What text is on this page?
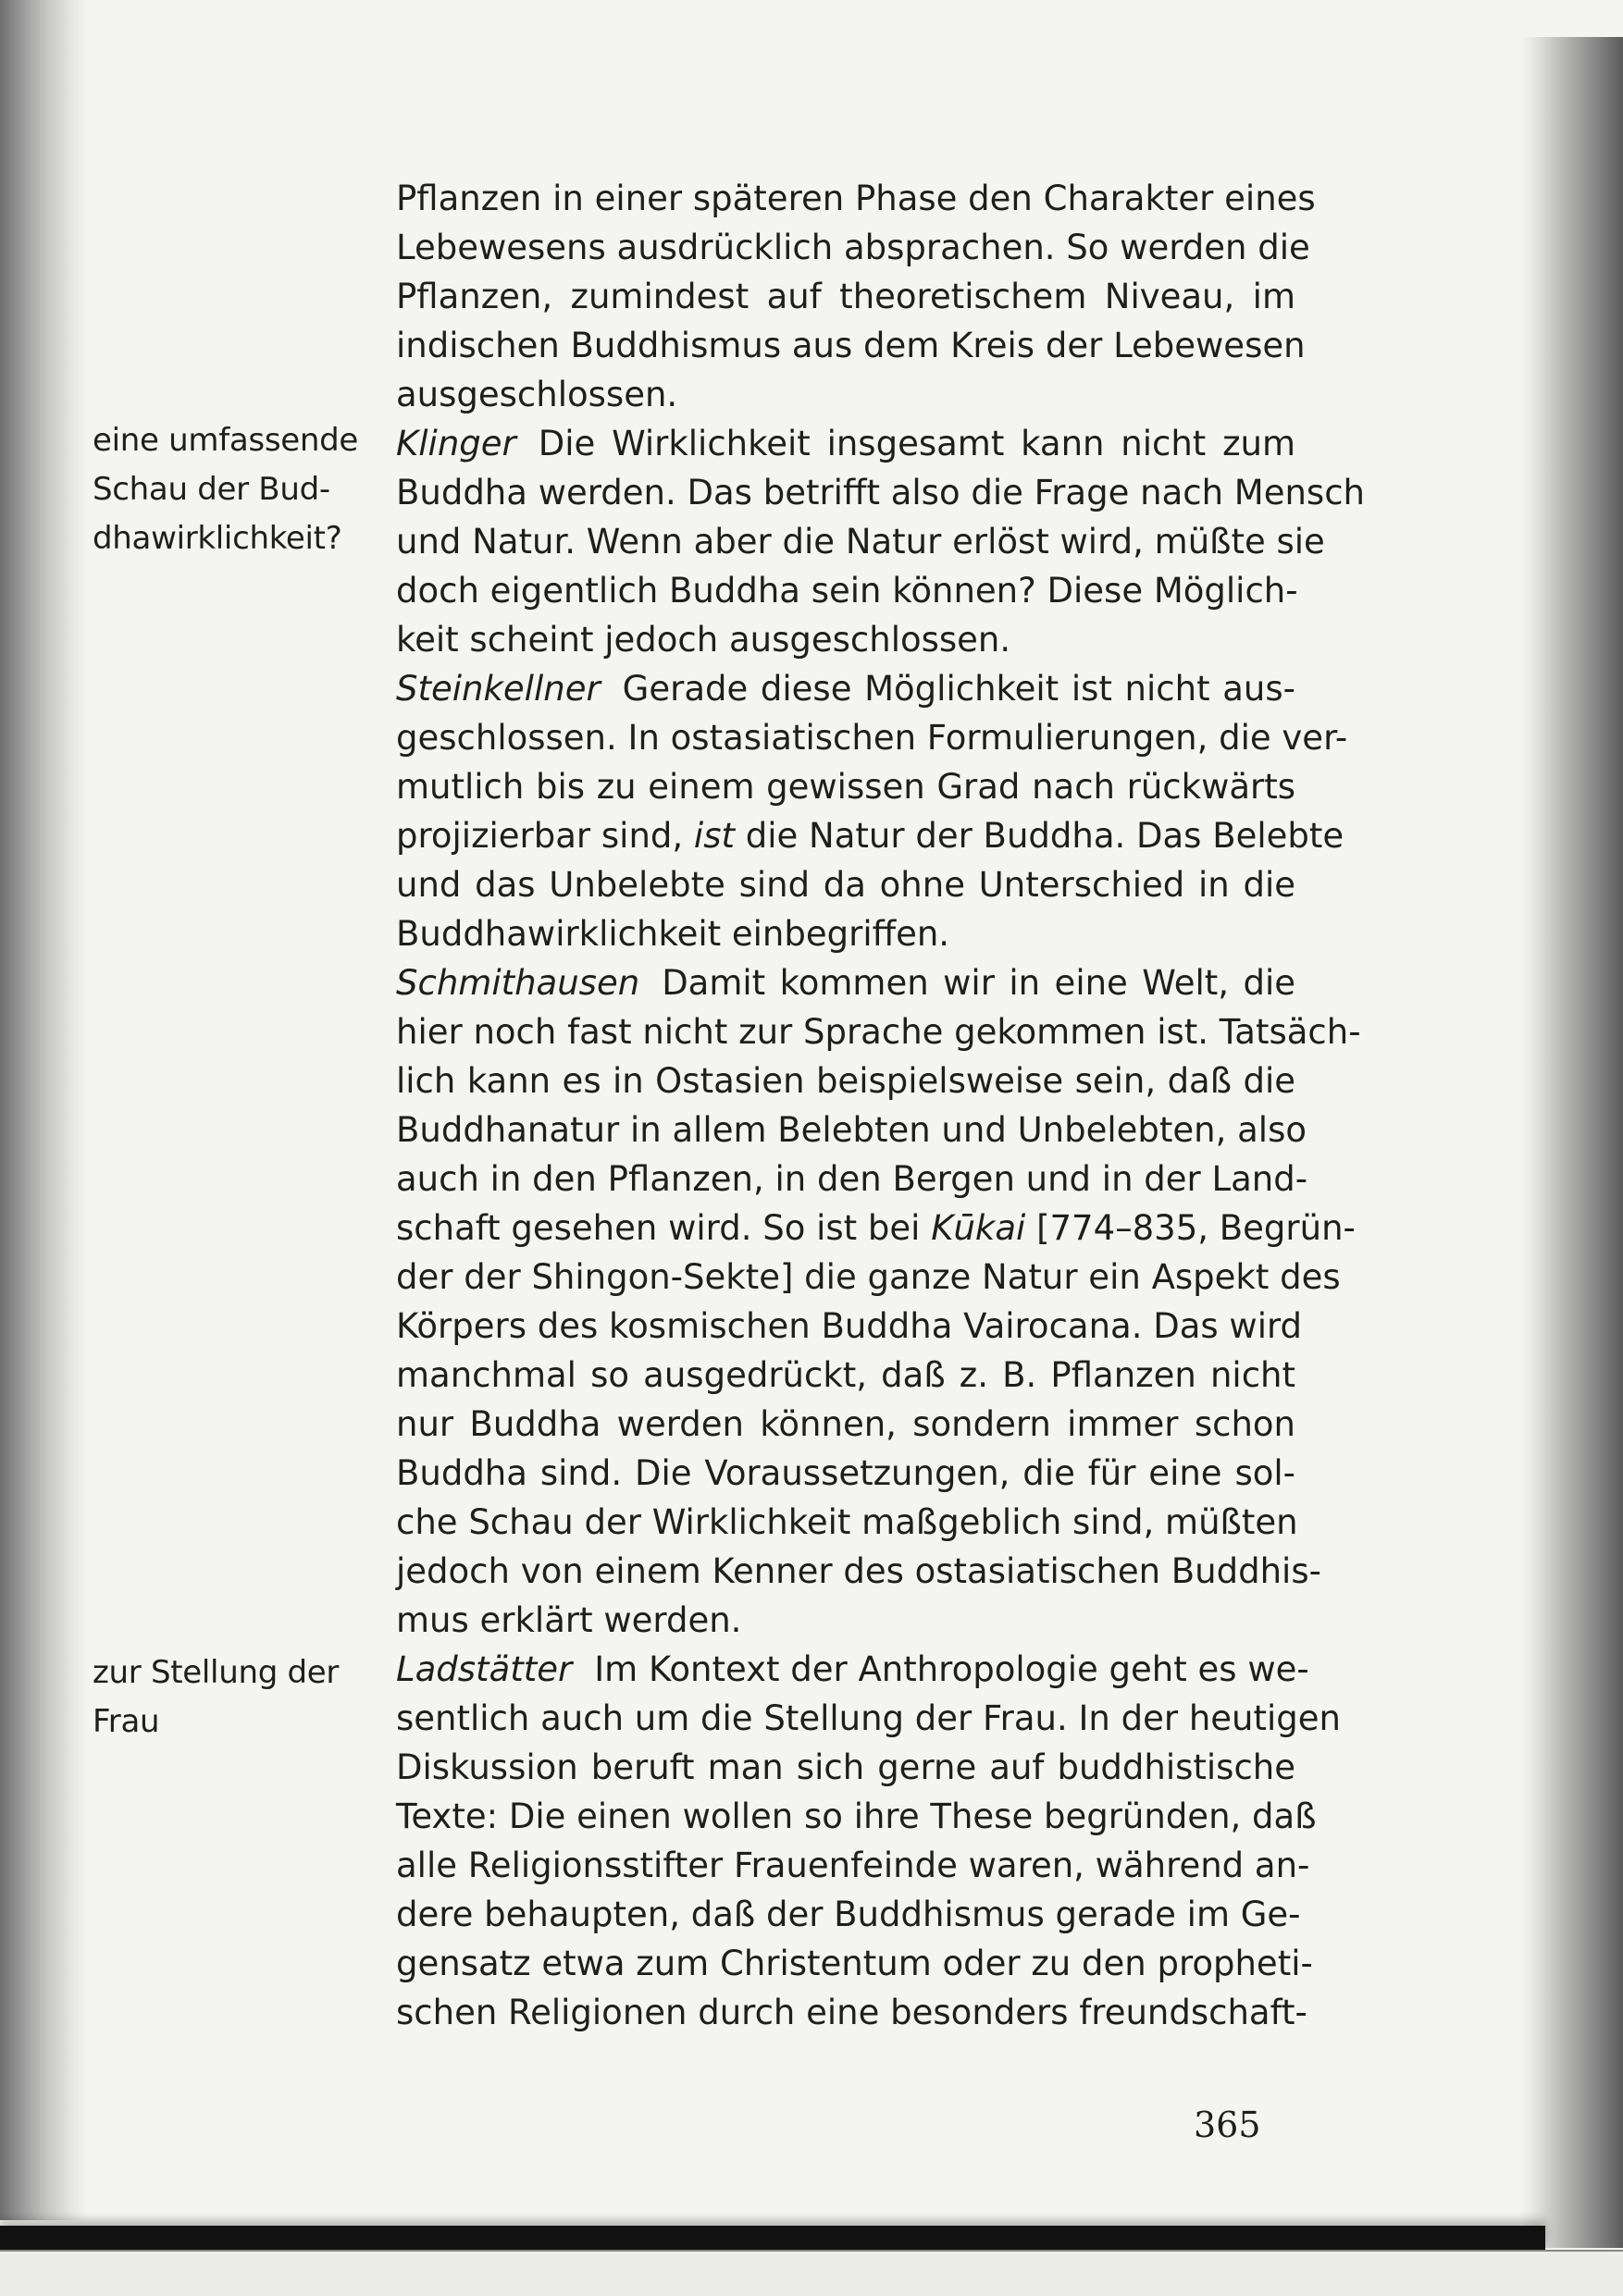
eine umfassende
Schau der Bud-
dhawirklichkeit?
zur Stellung der
Frau
Pflanzen in einer späteren Phase den Charakter eines
Lebewesens ausdrücklich absprachen. So werden die
Pflanzen, zumindest auf theoretischem Niveau, im
indischen Buddhismus aus dem Kreis der Lebewesen
ausgeschlossen.
Klinger Die Wirklichkeit insgesamt kann nicht zum
Buddha werden. Das betrifft also die Frage nach Mensch
und Natur. Wenn aber die Natur erlöst wird, müßte sie
doch eigentlich Buddha sein können? Diese Möglich-
keit scheint jedoch ausgeschlossen.
Steinkellner Gerade diese Möglichkeit ist nicht aus-
geschlossen. In ostasiatischen Formulierungen, die ver-
mutlich bis zu einem gewissen Grad nach rückwärts
projizierbar sind, ist die Natur der Buddha. Das Belebte
und das Unbelebte sind da ohne Unterschied in die
Buddhawirklichkeit einbegriffen.
Schmithausen Damit kommen wir in eine Welt, die
hier noch fast nicht zur Sprache gekommen ist. Tatsäch-
lich kann es in Ostasien beispielsweise sein, daß die
Buddhanatur in allem Belebten und Unbelebten, also
auch in den Pflanzen, in den Bergen und in der Land-
schaft gesehen wird. So ist bei Kūkai [774–835, Begrün-
der der Shingon-Sekte] die ganze Natur ein Aspekt des
Körpers des kosmischen Buddha Vairocana. Das wird
manchmal so ausgedrückt, daß z. B. Pflanzen nicht
nur Buddha werden können, sondern immer schon
Buddha sind. Die Voraussetzungen, die für eine sol-
che Schau der Wirklichkeit maßgeblich sind, müßten
jedoch von einem Kenner des ostasiatischen Buddhis-
mus erklärt werden.
Ladstätter Im Kontext der Anthropologie geht es we-
sentlich auch um die Stellung der Frau. In der heutigen
Diskussion beruft man sich gerne auf buddhistische
Texte: Die einen wollen so ihre These begründen, daß
alle Religionsstifter Frauenfeinde waren, während an-
dere behaupten, daß der Buddhismus gerade im Ge-
gensatz etwa zum Christentum oder zu den propheti-
schen Religionen durch eine besonders freundschaft-
365
